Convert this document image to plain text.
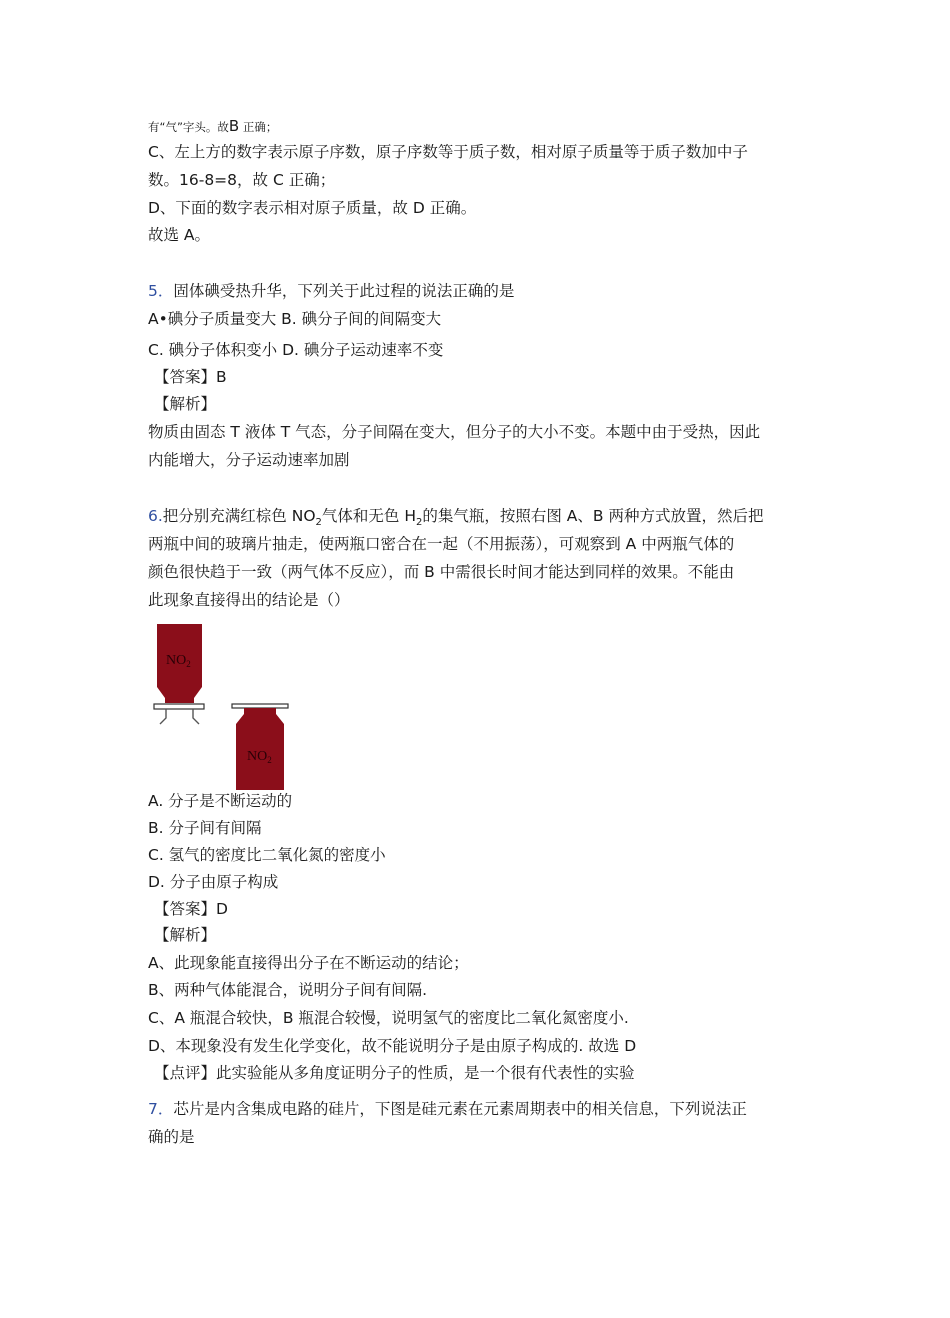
有“气”字头。故B 正确；
C、左上方的数字表示原子序数，原子序数等于质子数，相对原子质量等于质子数加中子
数。16-8=8，故 C 正确；
D、下面的数字表示相对原子质量，故 D 正确。
故选 A。
5．固体碘受热升华，下列关于此过程的说法正确的是
A•碘分子质量变大 B. 碘分子间的间隔变大
C. 碘分子体积变小 D. 碘分子运动速率不变
【答案】B
【解析】
物质由固态 T 液体 T 气态，分子间隔在变大，但分子的大小不变。本题中由于受热，因此
内能增大，分子运动速率加剧
6.把分别充满红棕色 $NO_2$气体和无色 $H_2$的集气瓶，按照右图 A、B 两种方式放置，然后把
两瓶中间的玻璃片抽走，使两瓶口密合在一起（不用振荡），可观察到 A 中两瓶气体的
颜色很快趋于一致（两气体不反应），而 B 中需很长时间才能达到同样的效果。不能由
此现象直接得出的结论是（）
$NO_2$
$NO_2$
A. 分子是不断运动的
B. 分子间有间隔
C. 氢气的密度比二氧化氮的密度小
D. 分子由原子构成
【答案】D
【解析】
A、此现象能直接得出分子在不断运动的结论；
B、两种气体能混合，说明分子间有间隔.
C、A 瓶混合较快，B 瓶混合较慢，说明氢气的密度比二氧化氮密度小.
D、本现象没有发生化学变化，故不能说明分子是由原子构成的. 故选 D
【点评】此实验能从多角度证明分子的性质，是一个很有代表性的实验
7．芯片是内含集成电路的硅片，下图是硅元素在元素周期表中的相关信息，下列说法正
确的是
